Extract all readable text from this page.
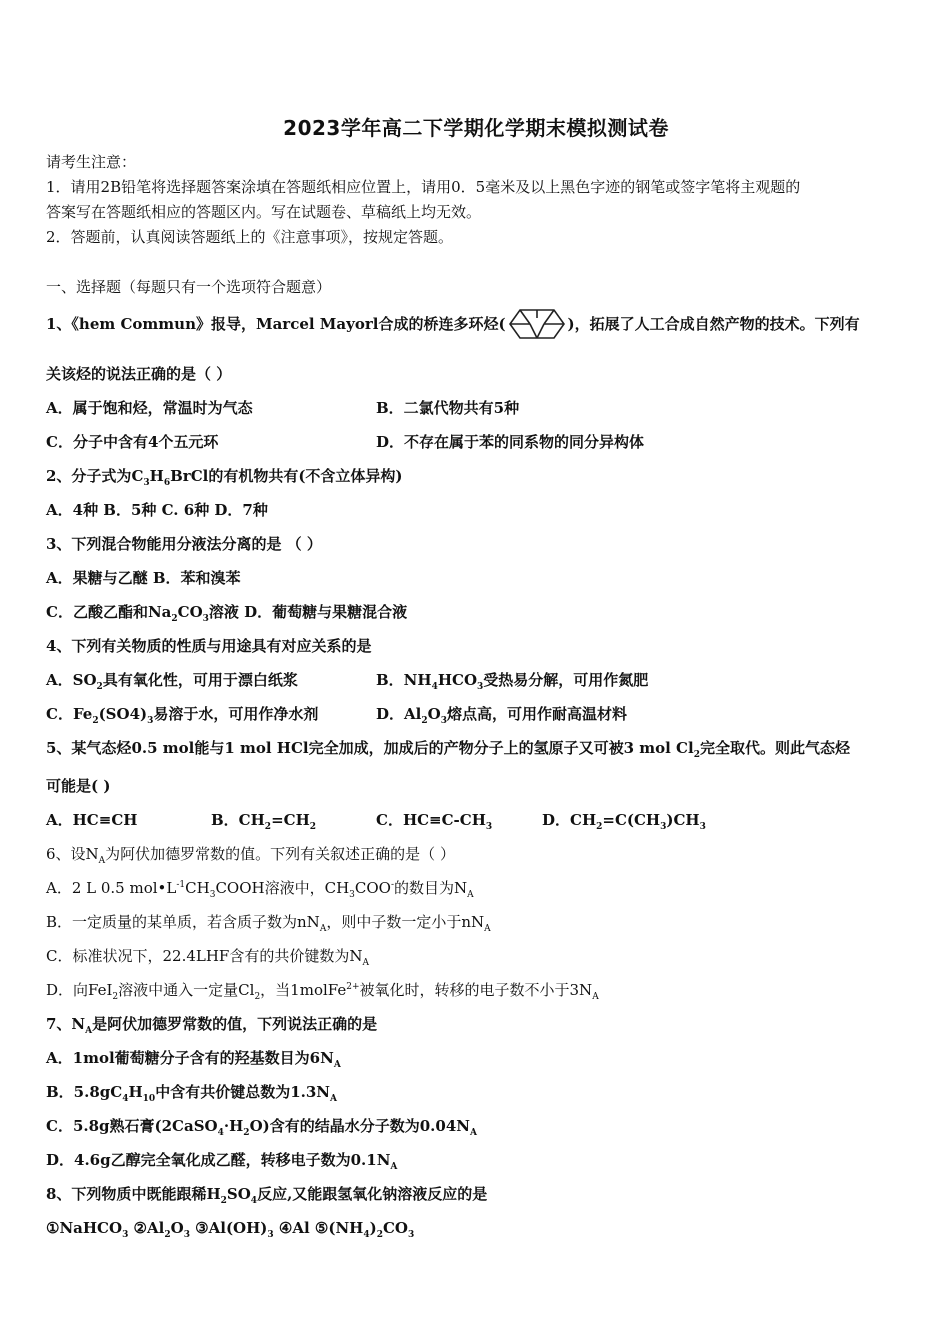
2023学年高二下学期化学期末模拟测试卷
请考生注意：
1．请用2B铅笔将选择题答案涂填在答题纸相应位置上，请用0．5毫米及以上黑色字迹的钢笔或签字笔将主观题的
答案写在答题纸相应的答题区内。写在试题卷、草稿纸上均无效。
2．答题前，认真阅读答题纸上的《注意事项》，按规定答题。
一、选择题（每题只有一个选项符合题意）
1、《hem Commun》报导，Marcel Mayorl合成的桥连多环烃(	)，拓展了人工合成自然产物的技术。下列有
关该烃的说法正确的是（ ）
A．属于饱和烃，常温时为气态	B．二氯代物共有5种
C．分子中含有4个五元环	D．不存在属于苯的同系物的同分异构体
2、分子式为$C_3H_6BrCl$的有机物共有(不含立体异构)
A．4种 B．5种 C. 6种 D．7种
3、下列混合物能用分液法分离的是 （ ）
A．果糖与乙醚 B．苯和溴苯
C．乙酸乙酯和$Na_2CO_3$溶液 D．葡萄糖与果糖混合液
4、下列有关物质的性质与用途具有对应关系的是
A．$SO_2$具有氧化性，可用于漂白纸浆	B．$NH_4HCO_3$受热易分解，可用作氮肥
C．$Fe_2(SO4)_3$易溶于水，可用作净水剂	D．$Al_2O_3$熔点高，可用作耐高温材料
5、某气态烃0.5 mol能与1 mol HCl完全加成，加成后的产物分子上的氢原子又可被3 mol $Cl_2$完全取代。则此气态烃
可能是( )
A．HC≡CH	B．$CH_2=CH_2$	C．$HC\equiv C-CH_3$	D．$CH_2=C(CH_3)CH_3$
6、设$N_A$为阿伏加德罗常数的值。下列有关叙述正确的是（ ）
A．2 L 0.5 $mol•L^{-1}CH_3COOH$溶液中，$CH_3COO^-$的数目为$N_A$
B．一定质量的某单质，若含质子数为$nN_A$，则中子数一定小于$nN_A$
C．标准状况下，22.4LHF含有的共价键数为$N_A$
D．向FeI$_2$溶液中通入一定量$Cl_2$，当1molFe$^{2+}$被氧化时，转移的电子数不小于$3N_A$
7、$N_A$是阿伏加德罗常数的值，下列说法正确的是
A．1mol葡萄糖分子含有的羟基数目为$6N_A$
B．$5.8gC_4H_{10}$中含有共价键总数为$1.3N_A$
C．5.8g熟石膏$(2CaSO_4\cdot H_2O)$含有的结晶水分子数为$0.04N_A$
D．4.6g乙醇完全氧化成乙醛，转移电子数为$0.1N_A$
8、下列物质中既能跟稀$H_2SO_4$反应,又能跟氢氧化钠溶液反应的是
①NaHCO$_3$ $②Al_2O_3$ $③Al(OH)_3$ ④Al $⑤(NH_4)_2CO_3$
